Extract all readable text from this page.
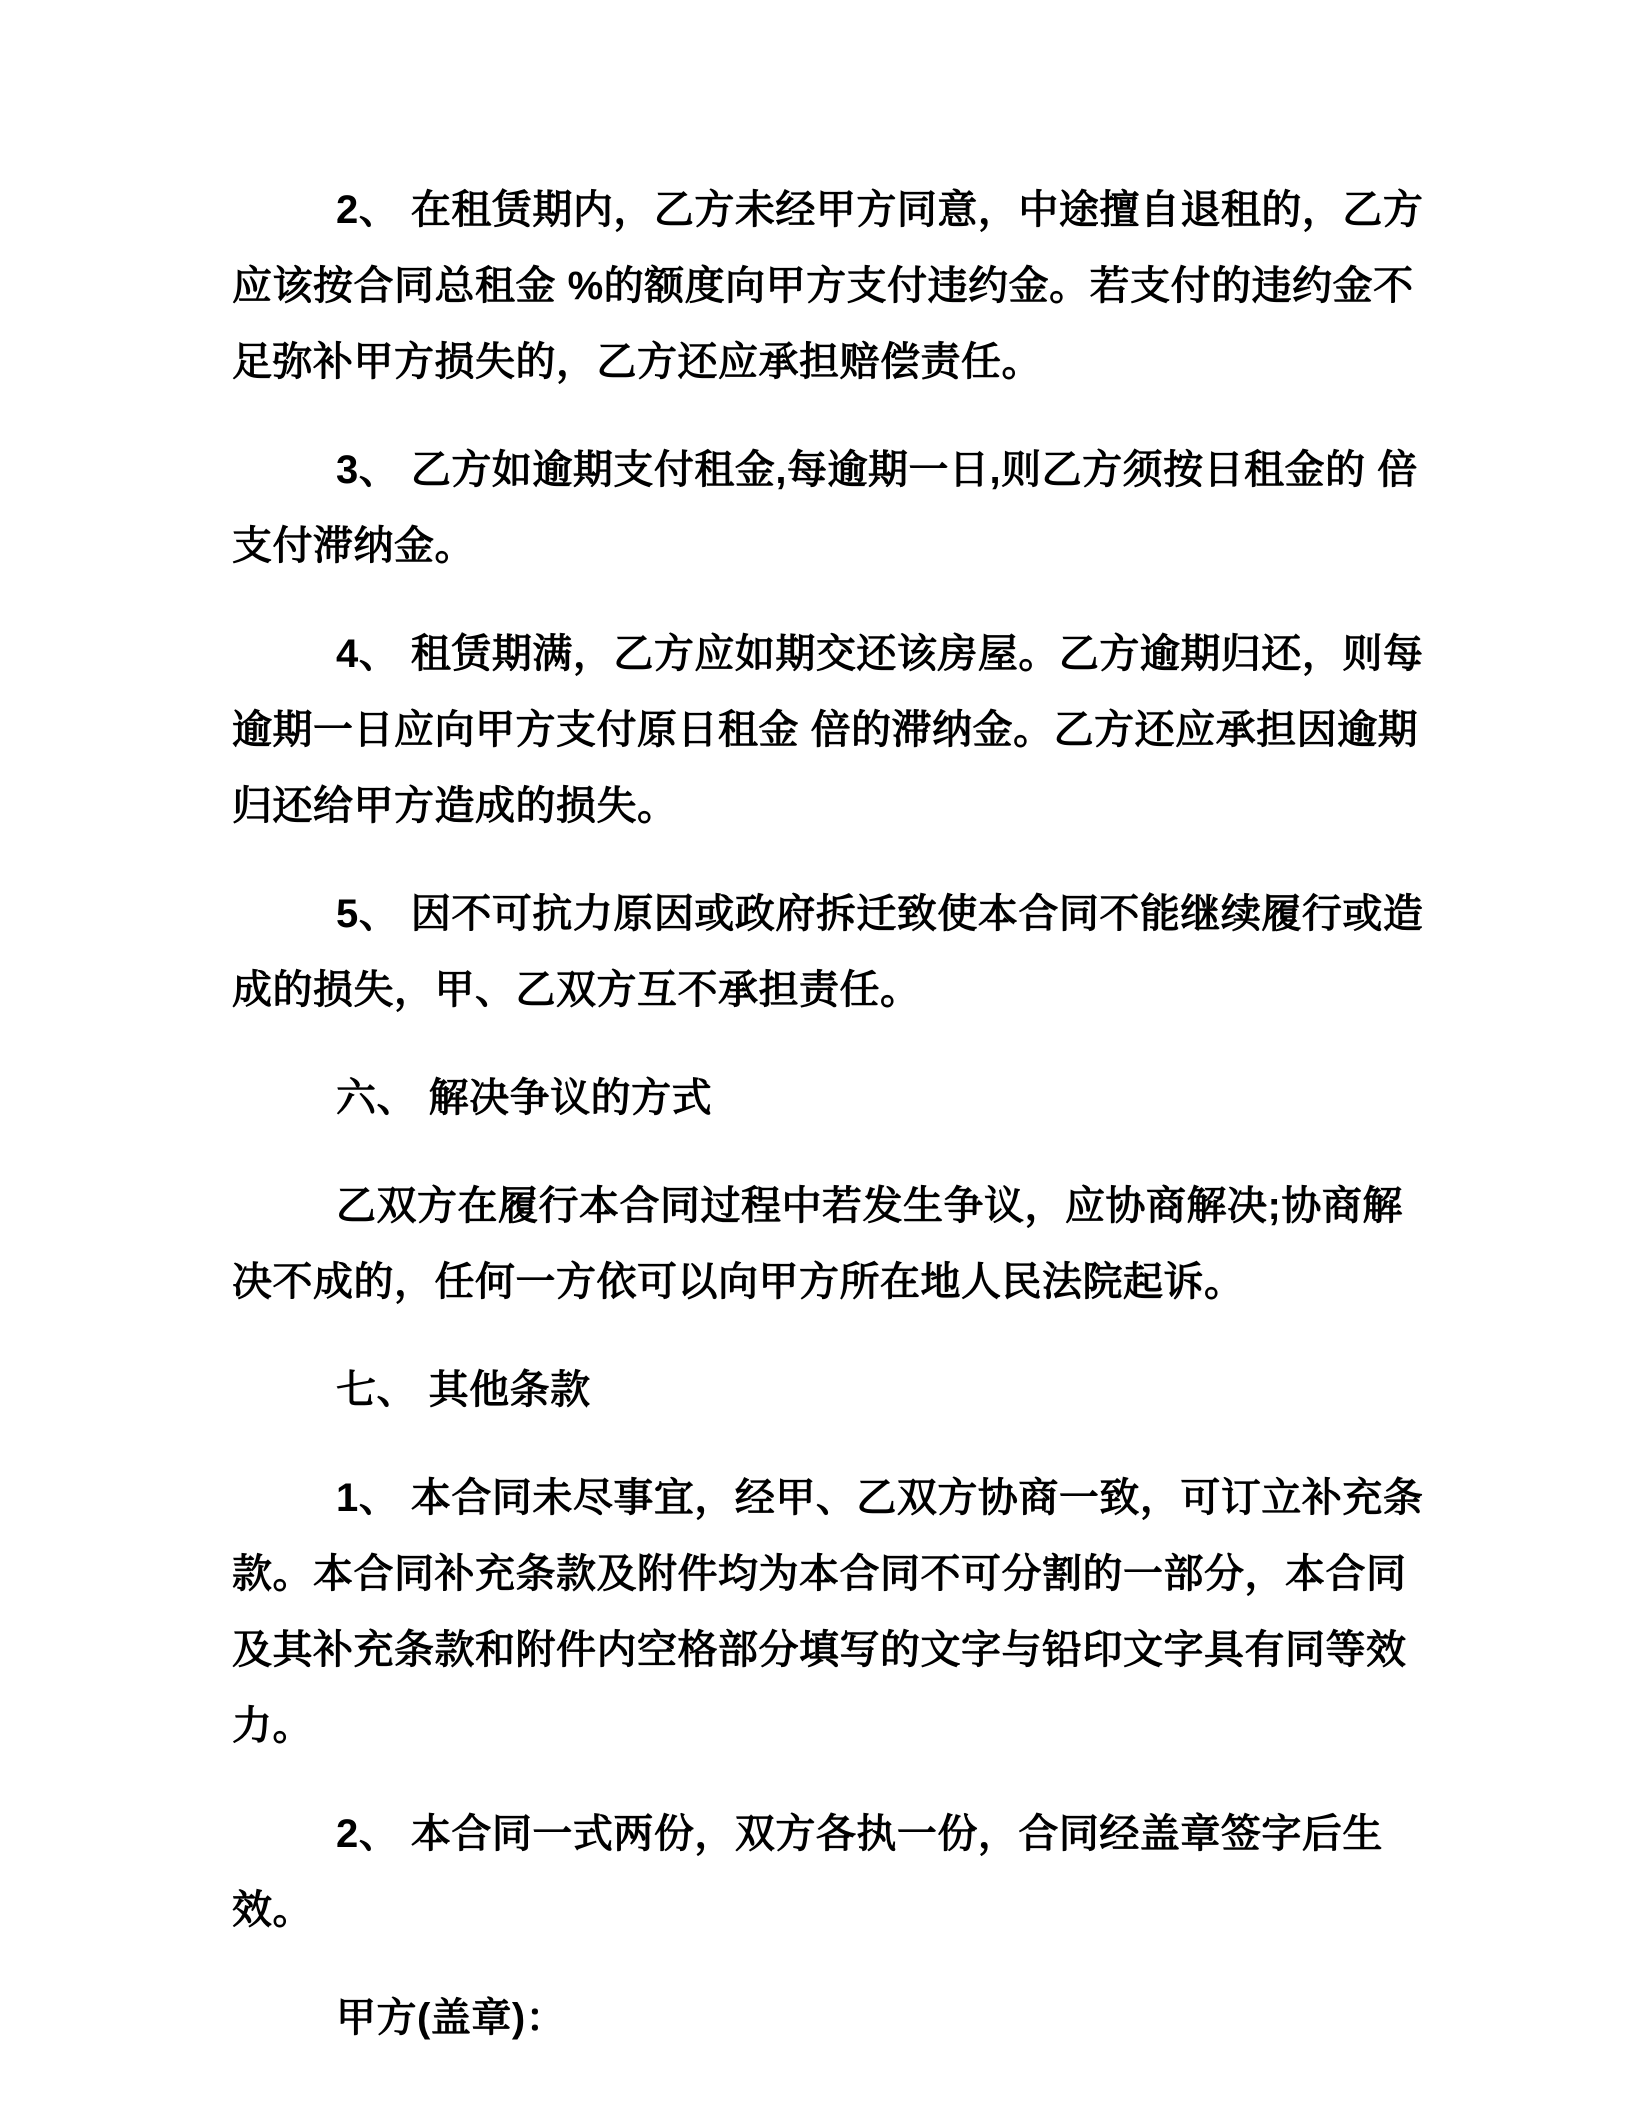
2、 在租赁期内，乙方未经甲方同意，中途擅自退租的，乙方应该按合同总租金 %的额度向甲方支付违约金。若支付的违约金不足弥补甲方损失的，乙方还应承担赔偿责任。

3、 乙方如逾期支付租金,每逾期一日,则乙方须按日租金的 倍支付滞纳金。

4、 租赁期满，乙方应如期交还该房屋。乙方逾期归还，则每逾期一日应向甲方支付原日租金 倍的滞纳金。乙方还应承担因逾期归还给甲方造成的损失。

5、 因不可抗力原因或政府拆迁致使本合同不能继续履行或造成的损失，甲、乙双方互不承担责任。

六、 解决争议的方式

乙双方在履行本合同过程中若发生争议，应协商解决;协商解决不成的，任何一方依可以向甲方所在地人民法院起诉。

七、 其他条款

1、 本合同未尽事宜，经甲、乙双方协商一致，可订立补充条款。本合同补充条款及附件均为本合同不可分割的一部分，本合同及其补充条款和附件内空格部分填写的文字与铅印文字具有同等效力。

2、 本合同一式两份，双方各执一份，合同经盖章签字后生效。

甲方(盖章)：
